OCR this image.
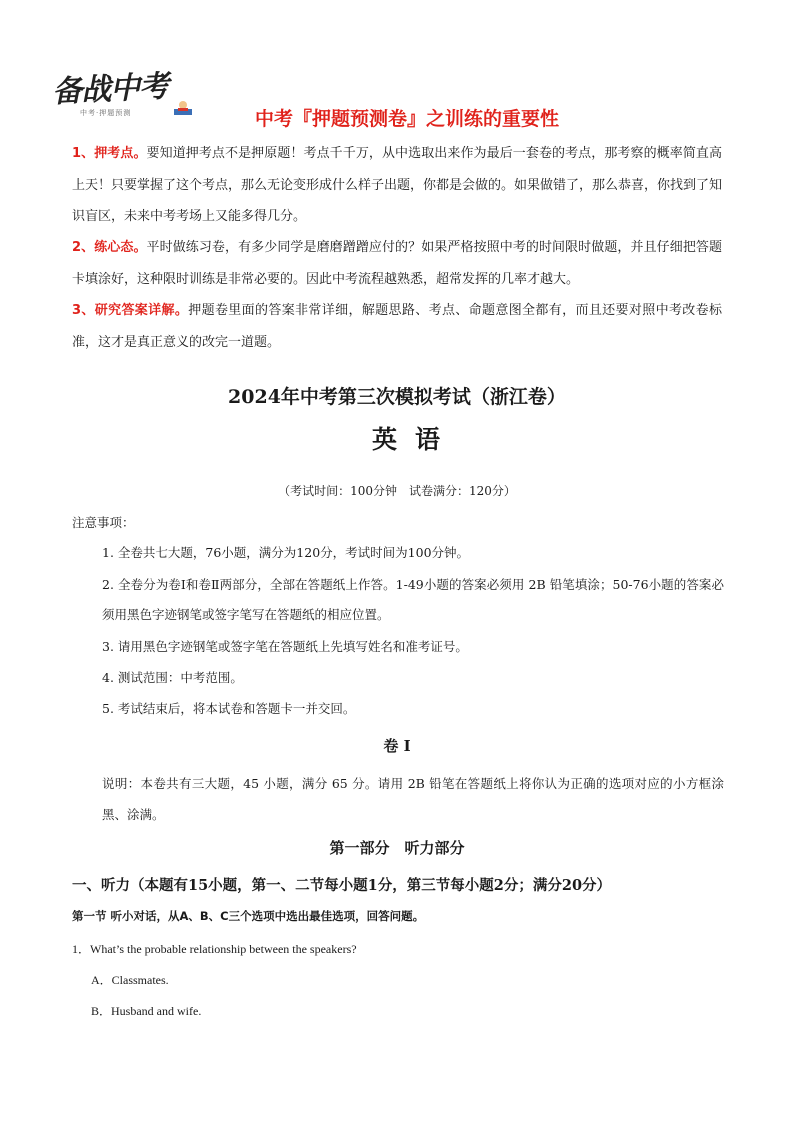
备战中考
中考·押题预测	中考『押题预测卷』之训练的重要性
1、押考点。要知道押考点不是押原题！考点千千万，从中选取出来作为最后一套卷的考点，那考察的概率简直高上天！只要掌握了这个考点，那么无论变形成什么样子出题，你都是会做的。如果做错了，那么恭喜，你找到了知识盲区，未来中考考场上又能多得几分。
2、练心态。平时做练习卷，有多少同学是磨磨蹭蹭应付的？如果严格按照中考的时间限时做题，并且仔细把答题卡填涂好，这种限时训练是非常必要的。因此中考流程越熟悉，超常发挥的几率才越大。
3、研究答案详解。押题卷里面的答案非常详细，解题思路、考点、命题意图全都有，而且还要对照中考改卷标准，这才是真正意义的改完一道题。
2024年中考第三次模拟考试（浙江卷）
英语
（考试时间：100分钟　试卷满分：120分）
注意事项：
1. 全卷共七大题，76小题，满分为120分，考试时间为100分钟。
2. 全卷分为卷Ⅰ和卷Ⅱ两部分，全部在答题纸上作答。1-49小题的答案必须用 2B 铅笔填涂；50-76小题的答案必须用黑色字迹钢笔或签字笔写在答题纸的相应位置。
3. 请用黑色字迹钢笔或签字笔在答题纸上先填写姓名和准考证号。
4. 测试范围：中考范围。
5. 考试结束后，将本试卷和答题卡一并交回。
卷 I
说明：本卷共有三大题，45 小题，满分 65 分。请用 2B 铅笔在答题纸上将你认为正确的选项对应的小方框涂黑、涂满。
第一部分　听力部分
一、听力（本题有15小题，第一、二节每小题1分，第三节每小题2分；满分20分）
第一节 听小对话，从A、B、C三个选项中选出最佳选项，回答问题。
1．What’s the probable relationship between the speakers?
A．Classmates.
B．Husband and wife.
